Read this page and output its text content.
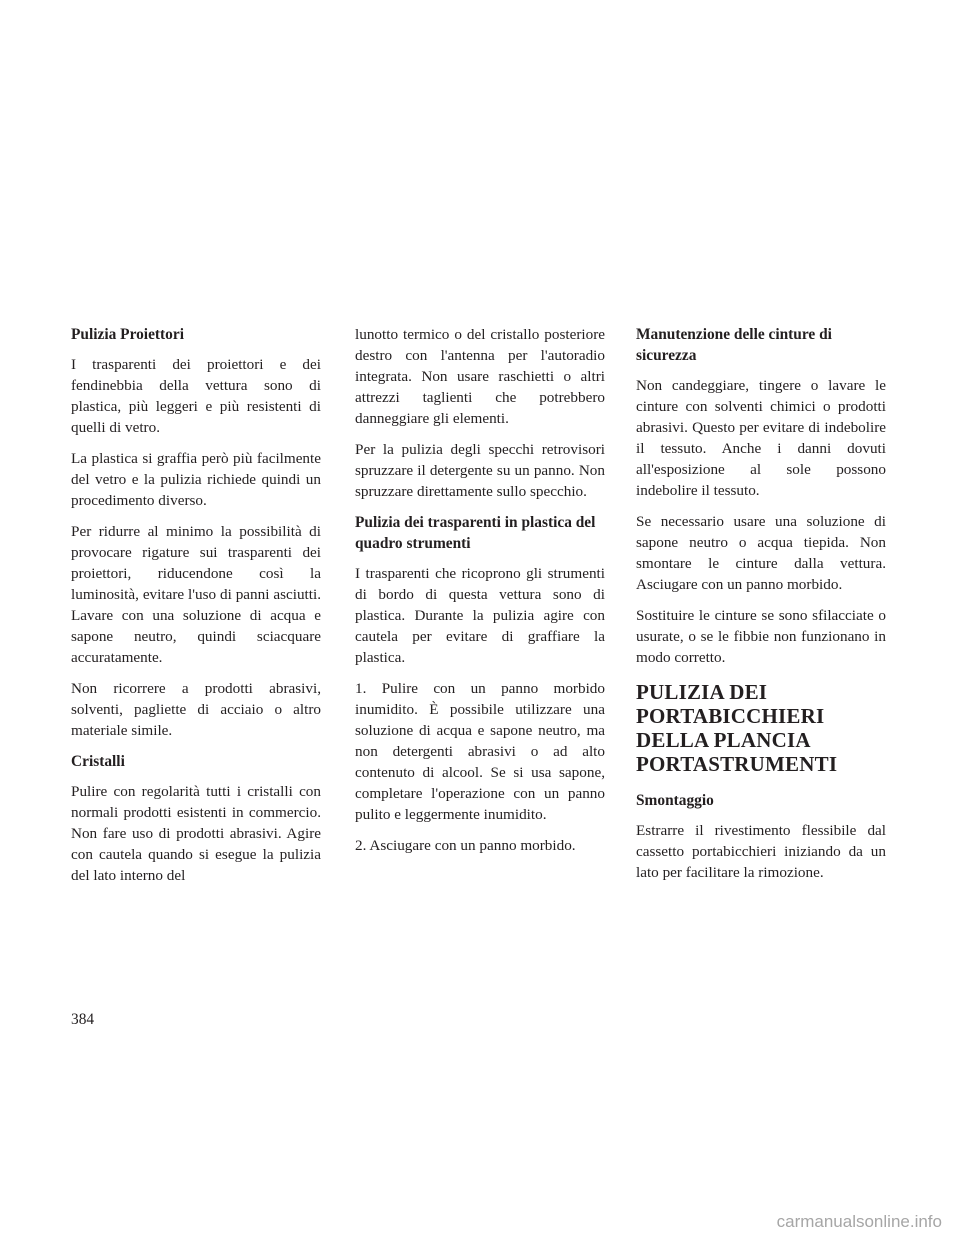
Pulizia Proiettori

I trasparenti dei proiettori e dei fendinebbia della vettura sono di plastica, più leggeri e più resistenti di quelli di vetro.

La plastica si graffia però più facilmente del vetro e la pulizia richiede quindi un procedimento diverso.

Per ridurre al minimo la possibilità di provocare rigature sui trasparenti dei proiettori, riducendone così la luminosità, evitare l'uso di panni asciutti. Lavare con una soluzione di acqua e sapone neutro, quindi sciacquare accuratamente.

Non ricorrere a prodotti abrasivi, solventi, pagliette di acciaio o altro materiale simile.

Cristalli

Pulire con regolarità tutti i cristalli con normali prodotti esistenti in commercio. Non fare uso di prodotti abrasivi. Agire con cautela quando si esegue la pulizia del lato interno del

lunotto termico o del cristallo posteriore destro con l'antenna per l'autoradio integrata. Non usare raschietti o altri attrezzi taglienti che potrebbero danneggiare gli elementi.

Per la pulizia degli specchi retrovisori spruzzare il detergente su un panno. Non spruzzare direttamente sullo specchio.

Pulizia dei trasparenti in plastica del quadro strumenti

I trasparenti che ricoprono gli strumenti di bordo di questa vettura sono di plastica. Durante la pulizia agire con cautela per evitare di graffiare la plastica.

1. Pulire con un panno morbido inumidito. È possibile utilizzare una soluzione di acqua e sapone neutro, ma non detergenti abrasivi o ad alto contenuto di alcool. Se si usa sapone, completare l'operazione con un panno pulito e leggermente inumidito.

2. Asciugare con un panno morbido.

Manutenzione delle cinture di sicurezza

Non candeggiare, tingere o lavare le cinture con solventi chimici o prodotti abrasivi. Questo per evitare di indebolire il tessuto. Anche i danni dovuti all'esposizione al sole possono indebolire il tessuto.

Se necessario usare una soluzione di sapone neutro o acqua tiepida. Non smontare le cinture dalla vettura. Asciugare con un panno morbido.

Sostituire le cinture se sono sfilacciate o usurate, o se le fibbie non funzionano in modo corretto.

PULIZIA DEI PORTABICCHIERI DELLA PLANCIA PORTASTRUMENTI
Smontaggio

Estrarre il rivestimento flessibile dal cassetto portabicchieri iniziando da un lato per facilitare la rimozione.

384
carmanualsonline.info
